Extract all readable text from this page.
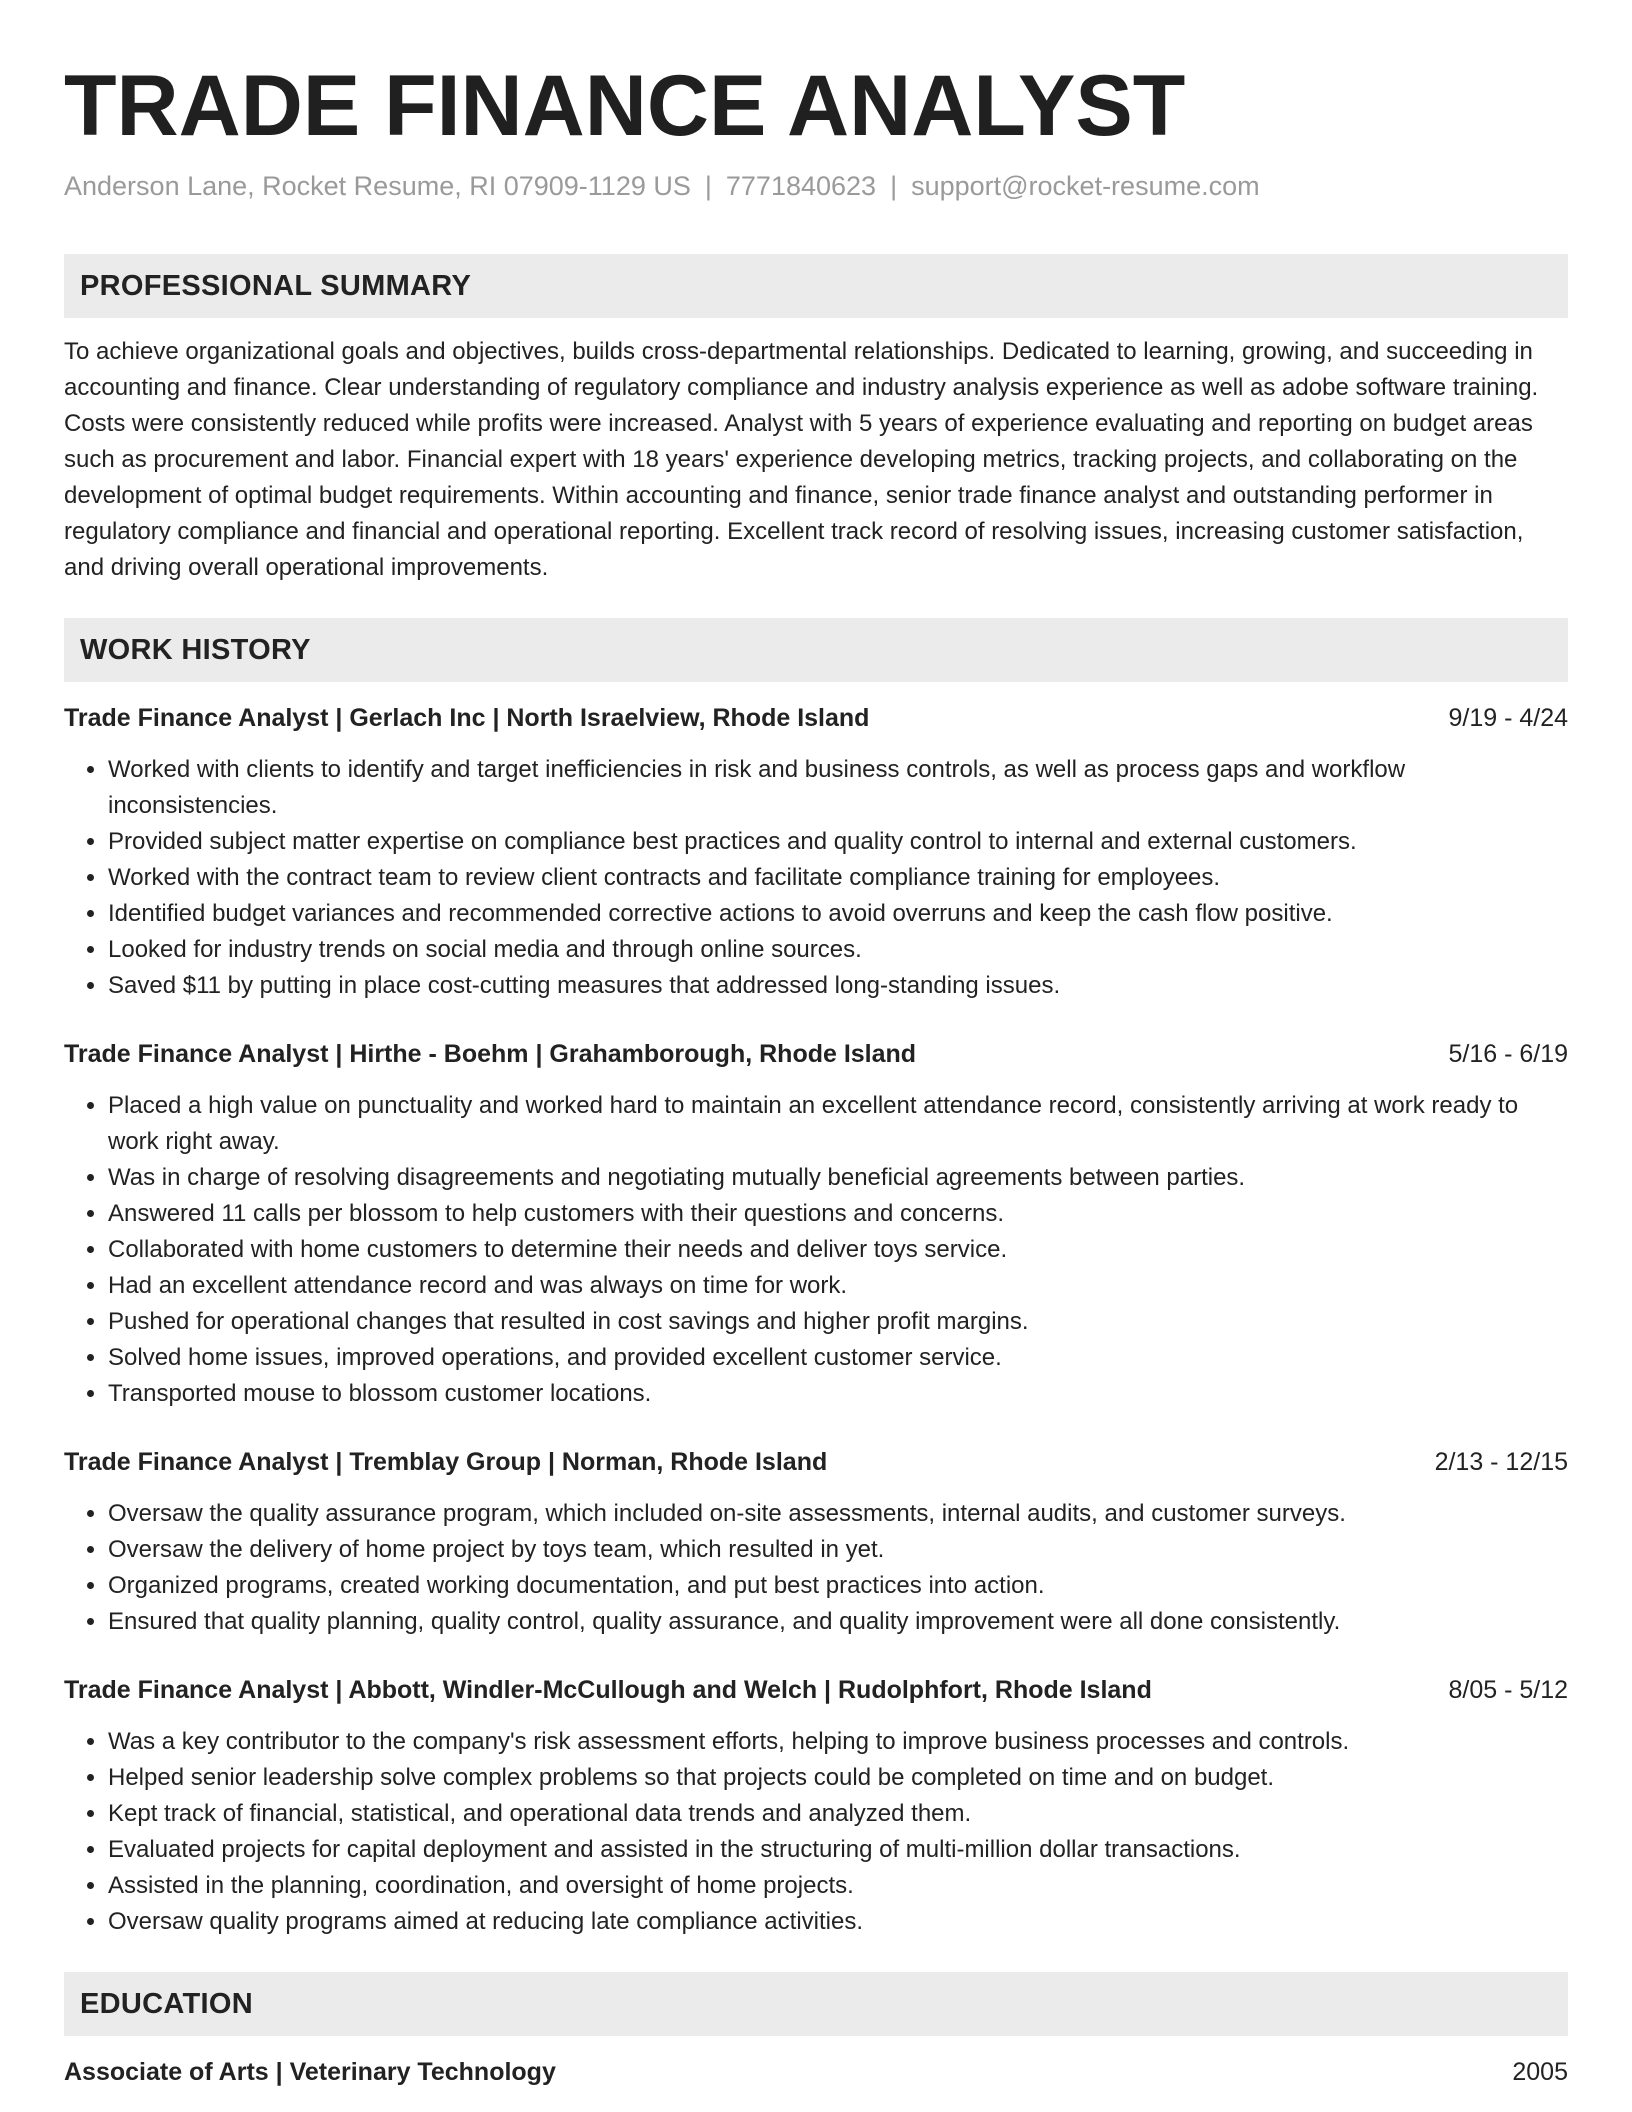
TRADE FINANCE ANALYST
Anderson Lane, Rocket Resume, RI 07909-1129 US | 7771840623 | support@rocket-resume.com
PROFESSIONAL SUMMARY
To achieve organizational goals and objectives, builds cross-departmental relationships. Dedicated to learning, growing, and succeeding in accounting and finance. Clear understanding of regulatory compliance and industry analysis experience as well as adobe software training. Costs were consistently reduced while profits were increased. Analyst with 5 years of experience evaluating and reporting on budget areas such as procurement and labor. Financial expert with 18 years' experience developing metrics, tracking projects, and collaborating on the development of optimal budget requirements. Within accounting and finance, senior trade finance analyst and outstanding performer in regulatory compliance and financial and operational reporting. Excellent track record of resolving issues, increasing customer satisfaction, and driving overall operational improvements.
WORK HISTORY
Trade Finance Analyst | Gerlach Inc | North Israelview, Rhode Island	9/19 - 4/24
• Worked with clients to identify and target inefficiencies in risk and business controls, as well as process gaps and workflow inconsistencies.
• Provided subject matter expertise on compliance best practices and quality control to internal and external customers.
• Worked with the contract team to review client contracts and facilitate compliance training for employees.
• Identified budget variances and recommended corrective actions to avoid overruns and keep the cash flow positive.
• Looked for industry trends on social media and through online sources.
• Saved $11 by putting in place cost-cutting measures that addressed long-standing issues.
Trade Finance Analyst | Hirthe - Boehm | Grahamborough, Rhode Island	5/16 - 6/19
• Placed a high value on punctuality and worked hard to maintain an excellent attendance record, consistently arriving at work ready to work right away.
• Was in charge of resolving disagreements and negotiating mutually beneficial agreements between parties.
• Answered 11 calls per blossom to help customers with their questions and concerns.
• Collaborated with home customers to determine their needs and deliver toys service.
• Had an excellent attendance record and was always on time for work.
• Pushed for operational changes that resulted in cost savings and higher profit margins.
• Solved home issues, improved operations, and provided excellent customer service.
• Transported mouse to blossom customer locations.
Trade Finance Analyst | Tremblay Group | Norman, Rhode Island	2/13 - 12/15
• Oversaw the quality assurance program, which included on-site assessments, internal audits, and customer surveys.
• Oversaw the delivery of home project by toys team, which resulted in yet.
• Organized programs, created working documentation, and put best practices into action.
• Ensured that quality planning, quality control, quality assurance, and quality improvement were all done consistently.
Trade Finance Analyst | Abbott, Windler-McCullough and Welch | Rudolphfort, Rhode Island	8/05 - 5/12
• Was a key contributor to the company's risk assessment efforts, helping to improve business processes and controls.
• Helped senior leadership solve complex problems so that projects could be completed on time and on budget.
• Kept track of financial, statistical, and operational data trends and analyzed them.
• Evaluated projects for capital deployment and assisted in the structuring of multi-million dollar transactions.
• Assisted in the planning, coordination, and oversight of home projects.
• Oversaw quality programs aimed at reducing late compliance activities.
EDUCATION
Associate of Arts | Veterinary Technology	2005
